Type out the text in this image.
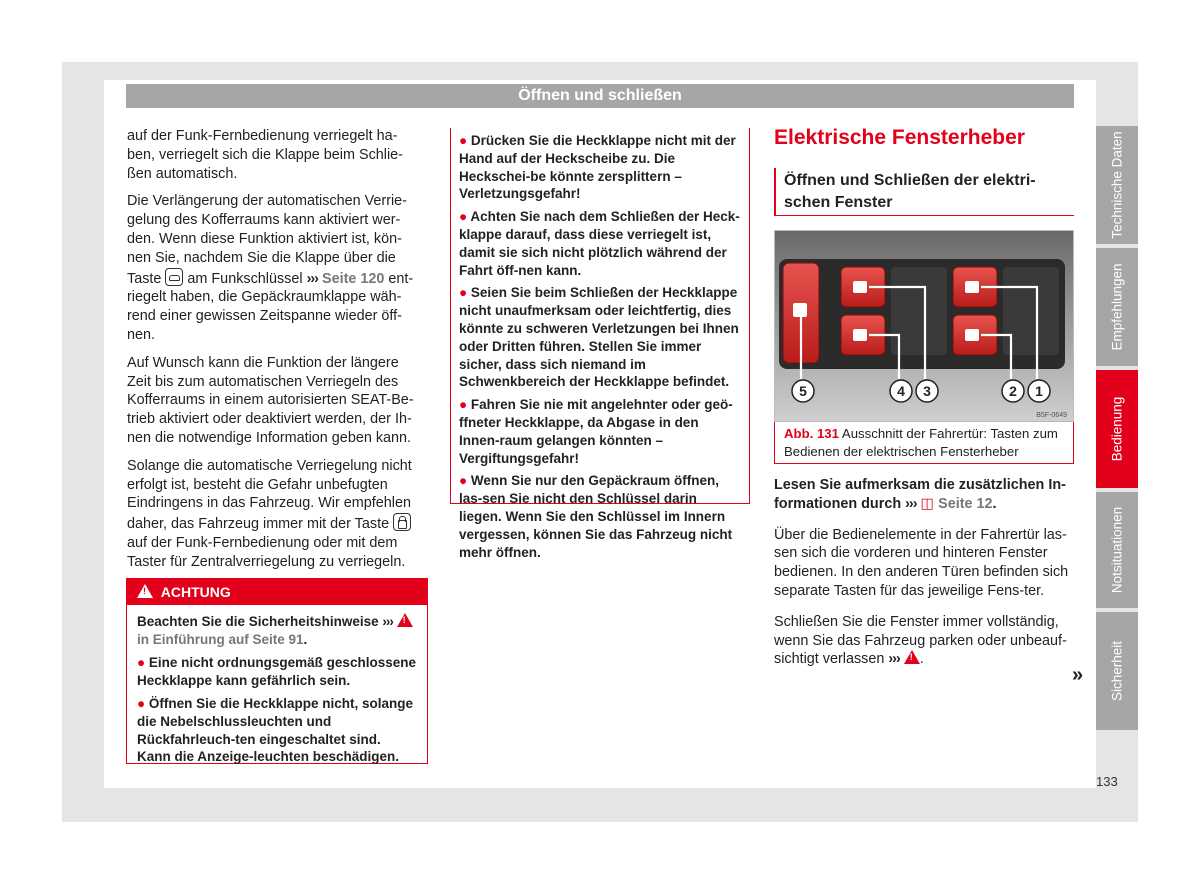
Öffnen und schließen

auf der Funk-Fernbedienung verriegelt ha-ben, verriegelt sich die Klappe beim Schlie-ßen automatisch.

Die Verlängerung der automatischen Verrie-gelung des Kofferraums kann aktiviert wer-den. Wenn diese Funktion aktiviert ist, kön-nen Sie, nachdem Sie die Klappe über die Taste am Funkschlüssel ››› Seite 120 ent-riegelt haben, die Gepäckraumklappe wäh-rend einer gewissen Zeitspanne wieder öff-nen.

Auf Wunsch kann die Funktion der längere Zeit bis zum automatischen Verriegeln des Kofferraums in einem autorisierten SEAT-Be-trieb aktiviert oder deaktiviert werden, der Ih-nen die notwendige Information geben kann.

Solange die automatische Verriegelung nicht erfolgt ist, besteht die Gefahr unbefugten Eindringens in das Fahrzeug. Wir empfehlen daher, das Fahrzeug immer mit der Taste  auf der Funk-Fernbedienung oder mit dem Taster für Zentralverriegelung zu verriegeln.

!  ACHTUNG

Beachten Sie die Sicherheitshinweise ››› ! in Einführung auf Seite 91.

● Eine nicht ordnungsgemäß geschlossene Heckklappe kann gefährlich sein.

● Öffnen Sie die Heckklappe nicht, solange die Nebelschlussleuchten und Rückfahrleuch-ten eingeschaltet sind. Kann die Anzeige-leuchten beschädigen.

● Drücken Sie die Heckklappe nicht mit der Hand auf der Heckscheibe zu. Die Heckschei-be könnte zersplittern – Verletzungsgefahr!

● Achten Sie nach dem Schließen der Heck-klappe darauf, dass diese verriegelt ist, damit sie sich nicht plötzlich während der Fahrt öff-nen kann.

● Seien Sie beim Schließen der Heckklappe nicht unaufmerksam oder leichtfertig, dies könnte zu schweren Verletzungen bei Ihnen oder Dritten führen. Stellen Sie immer sicher, dass sich niemand im Schwenkbereich der Heckklappe befindet.

● Fahren Sie nie mit angelehnter oder geö-ffneter Heckklappe, da Abgase in den Innen-raum gelangen könnten – Vergiftungsgefahr!

● Wenn Sie nur den Gepäckraum öffnen, las-sen Sie nicht den Schlüssel darin liegen. Wenn Sie den Schlüssel im Innern vergessen, können Sie das Fahrzeug nicht mehr öffnen.

Elektrische Fensterheber
Öffnen und Schließen der elektri-schen Fenster
5	4 3	2 1
B5F-0649
Abb. 131 Ausschnitt der Fahrertür: Tasten zum Bedienen der elektrischen Fensterheber

Lesen Sie aufmerksam die zusätzlichen In-formationen durch ››› ◫ Seite 12.

Über die Bedienelemente in der Fahrertür las-sen sich die vorderen und hinteren Fenster bedienen. In den anderen Türen befinden sich separate Tasten für das jeweilige Fens-ter.

Schließen Sie die Fenster immer vollständig, wenn Sie das Fahrzeug parken oder unbeauf-sichtigt verlassen ››› ! .

»
Technische Daten
Empfehlungen
Bedienung
Notsituationen
Sicherheit
133
